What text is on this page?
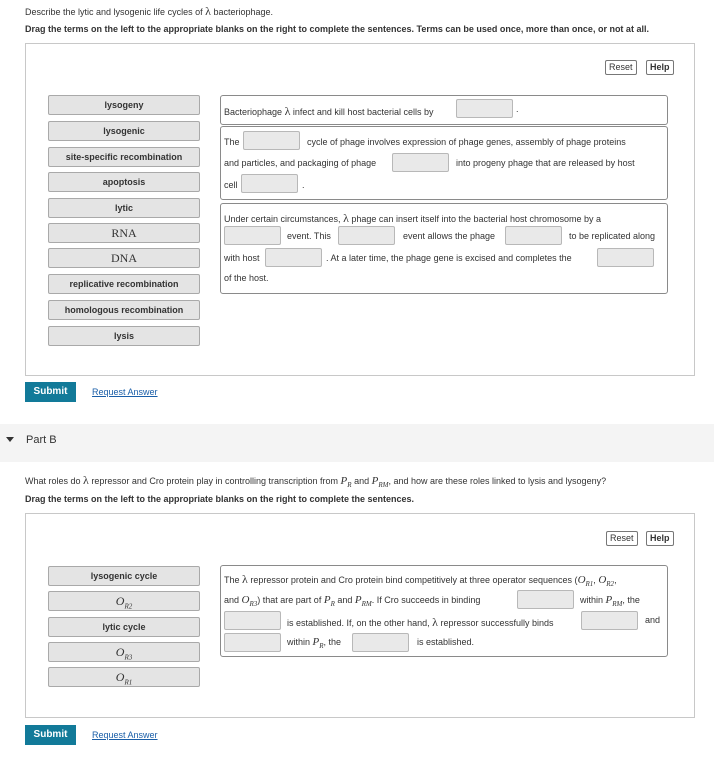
Describe the lytic and lysogenic life cycles of λ bacteriophage.
Drag the terms on the left to the appropriate blanks on the right to complete the sentences. Terms can be used once, more than once, or not at all.
Reset	Help
lysogeny
lysogenic
site-specific recombination
apoptosis
lytic
RNA
DNA
replicative recombination
homologous recombination
lysis
Bacteriophage λ infect and kill host bacterial cells by	.
The	cycle of phage involves expression of phage genes, assembly of phage proteins
and particles, and packaging of phage	into progeny phage that are released by host
cell	.
Under certain circumstances, λ phage can insert itself into the bacterial host chromosome by a
event. This	event allows the phage	to be replicated along
with host	. At a later time, the phage gene is excised and completes the
of the host.
Submit	Request Answer
Part B
What roles do λ repressor and Cro protein play in controlling transcription from $P_R$ and $P_{RM}$, and how are these roles linked to lysis and lysogeny?
Drag the terms on the left to the appropriate blanks on the right to complete the sentences.
Reset	Help
lysogenic cycle
$O_{R2}$
lytic cycle
$O_{R3}$
$O_{R1}$
The λ repressor protein and Cro protein bind competitively at three operator sequences ($O_{R1}$, $O_{R2}$,
and $O_{R3}$) that are part of $P_R$ and $P_{RM}$. If Cro succeeds in binding	within $P_{RM}$, the
is established. If, on the other hand, λ repressor successfully binds	and
within $P_R$, the	is established.
Submit	Request Answer
